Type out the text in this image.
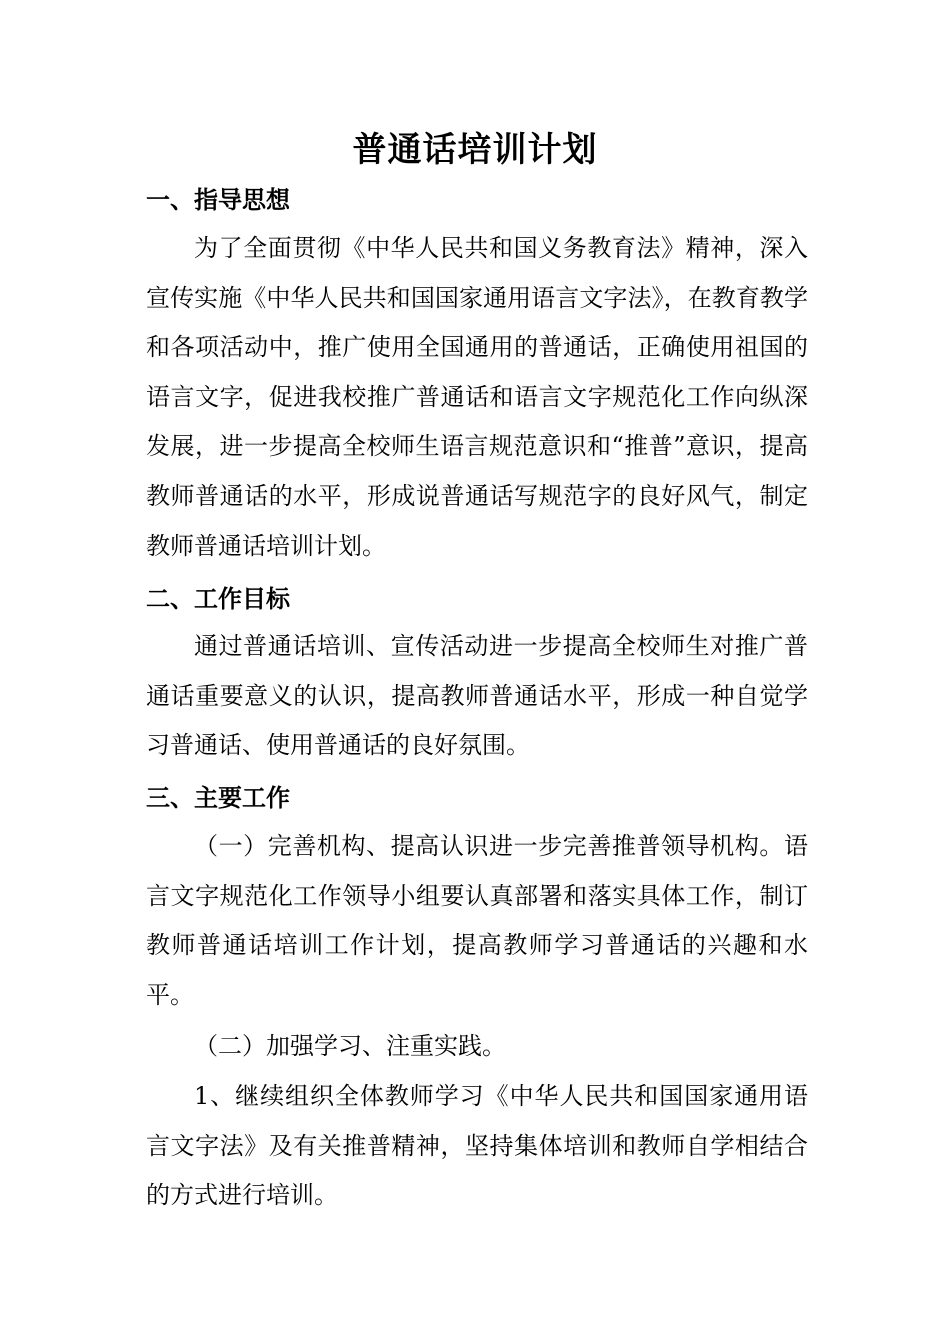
普通话培训计划
一、指导思想

为了全面贯彻《中华人民共和国义务教育法》精神，深入宣传实施《中华人民共和国国家通用语言文字法》，在教育教学和各项活动中，推广使用全国通用的普通话，正确使用祖国的语言文字，促进我校推广普通话和语言文字规范化工作向纵深发展，进一步提高全校师生语言规范意识和“推普”意识，提高教师普通话的水平，形成说普通话写规范字的良好风气，制定教师普通话培训计划。

二、工作目标

通过普通话培训、宣传活动进一步提高全校师生对推广普通话重要意义的认识，提高教师普通话水平，形成一种自觉学习普通话、使用普通话的良好氛围。

三、主要工作

（一）完善机构、提高认识进一步完善推普领导机构。语言文字规范化工作领导小组要认真部署和落实具体工作，制订教师普通话培训工作计划，提高教师学习普通话的兴趣和水平。

（二）加强学习、注重实践。

1、继续组织全体教师学习《中华人民共和国国家通用语言文字法》及有关推普精神，坚持集体培训和教师自学相结合的方式进行培训。
